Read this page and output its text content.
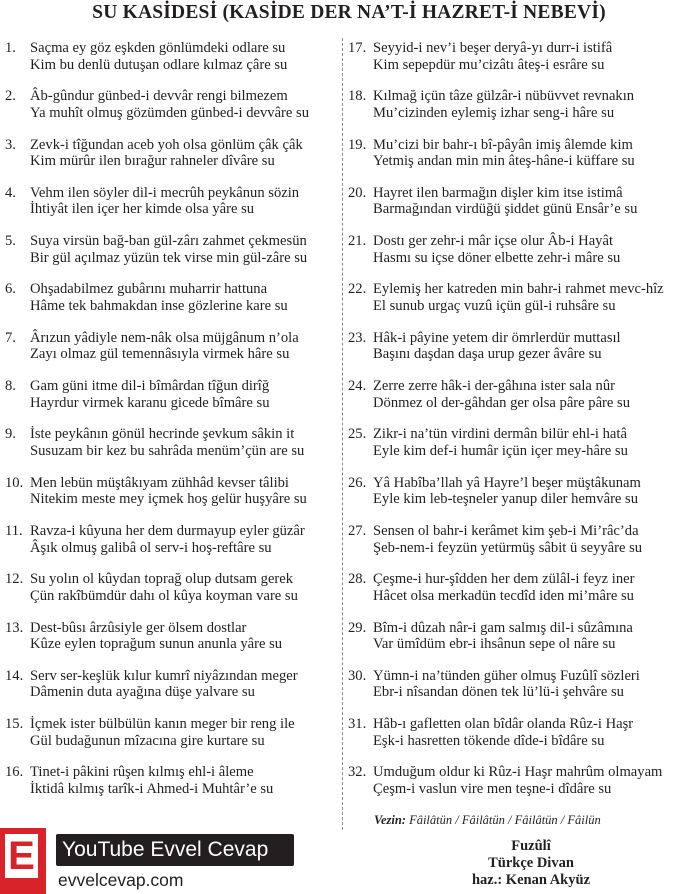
SU KASİDESİ (KASİDE DER NA’T-İ HAZRET-İ NEBEVİ)
1. Saçma ey göz eşkden gönlümdeki odlare su
Kim bu denlü dutuşan odlare kılmaz çâre su
2. Âb-gûndur günbed-i devvâr rengi bilmezem
Ya muhît olmuş gözümden günbed-i devvâre su
3. Zevk-i tîğundan aceb yoh olsa gönlüm çâk çâk
Kim mürûr ilen bırağur rahneler dîvâre su
4. Vehm ilen söyler dil-i mecrûh peykânun sözin
İhtiyât ilen içer her kimde olsa yâre su
5. Suya virsün bağ-ban gül-zârı zahmet çekmesün
Bir gül açılmaz yüzün tek virse min gül-zâre su
6. Ohşadabilmez gubârını muharrir hattuna
Hâme tek bahmakdan inse gözlerine kare su
7. Ârızun yâdiyle nem-nâk olsa müjgânum n’ola
Zayı olmaz gül temennâsıyla virmek hâre su
8. Gam güni itme dil-i bîmârdan tîğun dirîğ
Hayrdur virmek karanu gicede bîmâre su
9. İste peykânın gönül hecrinde şevkum sâkin it
Susuzam bir kez bu sahrâda menüm’çün are su
10. Men lebün müştâkıyam zühhâd kevser tâlibi
Nitekim meste mey içmek hoş gelür huşyâre su
11. Ravza-i kûyuna her dem durmayup eyler güzâr
Âşık olmuş galibâ ol serv-i hoş-reftâre su
12. Su yolın ol kûydan toprağ olup dutsam gerek
Çün rakîbümdür dahı ol kûya koyman vare su
13. Dest-bûsı ârzûsiyle ger ölsem dostlar
Kûze eylen toprağum sunun anunla yâre su
14. Serv ser-keşlük kılur kumrî niyâzından meger
Dâmenin duta ayağına düşe yalvare su
15. İçmek ister bülbülün kanın meger bir reng ile
Gül budağunun mîzacına gire kurtare su
16. Tinet-i pâkini rûşen kılmış ehl-i âleme
İktidâ kılmış tarîk-i Ahmed-i Muhtâr’e su
17. Seyyid-i nev’i beşer deryâ-yı durr-i istifâ
Kim sepepdür mu’cizâtı âteş-i esrâre su
18. Kılmağ içün tâze gülzâr-i nübüvvet revnakın
Mu’cizinden eylemiş izhar seng-i hâre su
19. Mu’cizi bir bahr-ı bî-pâyân imiş âlemde kim
Yetmiş andan min min âteş-hâne-i küffare su
20. Hayret ilen barmağın dişler kim itse istimâ
Barmağından virdüğü şiddet günü Ensâr’e su
21. Dostı ger zehr-i mâr içse olur Âb-i Hayât
Hasmı su içse döner elbette zehr-i mâre su
22. Eylemiş her katreden min bahr-i rahmet mevc-hîz
El sunub urgaç vuzû içün gül-i ruhsâre su
23. Hâk-i pâyine yetem dir ömrlerdür muttasıl
Başını daşdan daşa urup gezer âvâre su
24. Zerre zerre hâk-i der-gâhına ister sala nûr
Dönmez ol der-gâhdan ger olsa pâre pâre su
25. Zikr-i na’tün virdini dermân bilür ehl-i hatâ
Eyle kim def-i humâr içün içer mey-hâre su
26. Yâ Habîba’llah yâ Hayre’l beşer müştâkunam
Eyle kim leb-teşneler yanup diler hemvâre su
27. Sensen ol bahr-i kerâmet kim şeb-i Mi’râc’da
Şeb-nem-i feyzün yetürmüş sâbit ü seyyâre su
28. Çeşme-i hur-şîdden her dem zülâl-i feyz iner
Hâcet olsa merkadün tecdîd iden mi’mâre su
29. Bîm-i dûzah nâr-i gam salmış dil-i sûzâmına
Var ümîdüm ebr-i ihsânun sepe ol nâre su
30. Yümn-i na’tünden güher olmuş Fuzûlî sözleri
Ebr-i nîsandan dönen tek lü’lü-i şehvâre su
31. Hâb-ı gafletten olan bîdâr olanda Rûz-i Haşr
Eşk-i hasretten tökende dîde-i bîdâre su
32. Umduğum oldur ki Rûz-i Haşr mahrûm olmayam
Çeşm-i vaslun vire men teşne-i dîdâre su
Vezin: Fâilâtün / Fâilâtün / Fâilâtün / Fâilün
Fuzûlî
Türkçe Divan
haz.: Kenan Akyüz
E YouTube Evvel Cevap
evvelcevap.com
